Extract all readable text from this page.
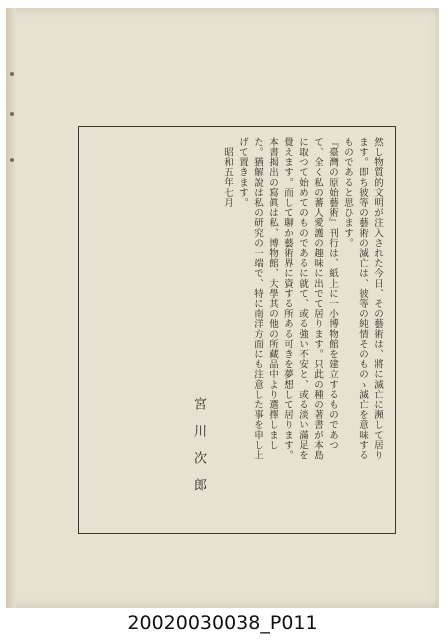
然し物質的文明が注入された今日、その藝術は、將に滅亡に瀕して居ります。即ち彼等の藝術の滅亡は、彼等の純情そのものゝ滅亡を意味するものであると思ひます。

『臺灣の原始藝術』刊行は、紙上に一小博物館を建立するものであつて、全く私の蕃人愛護の趣味に出でて居ります。只此の種の著書が本島に取つて始めてのものであるに就て、或る強い不安と、或る淡い滿足を覺えます。而して聊か藝術界に資する所ある可きを夢想して居ります。

本書揭出の寫眞は私、博物館、大學其の他の所藏品中より選擇しました。猶解說は私の研究の一端で、特に南洋方面にも注意した事を申し上げて置きます。

昭和五年七月

宮川次郎
20020030038_P011
